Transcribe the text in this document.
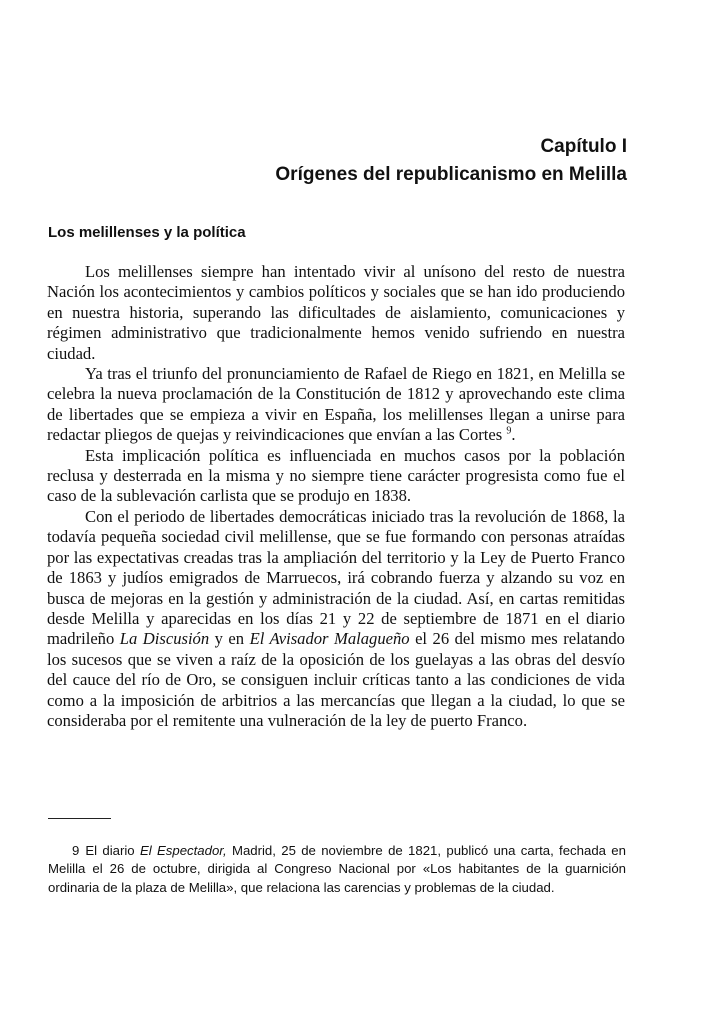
Capítulo I
Orígenes del republicanismo en Melilla
Los melillenses y la política

Los melillenses siempre han intentado vivir al unísono del resto de nuestra Nación los acontecimientos y cambios políticos y sociales que se han ido produciendo en nuestra historia, superando las dificultades de aislamiento, comunicaciones y régimen administrativo que tradicionalmente hemos venido sufriendo en nuestra ciudad.

Ya tras el triunfo del pronunciamiento de Rafael de Riego en 1821, en Melilla se celebra la nueva proclamación de la Constitución de 1812 y aprovechando este clima de libertades que se empieza a vivir en España, los melillenses llegan a unirse para redactar pliegos de quejas y reivindicaciones que envían a las Cortes $^9$.

Esta implicación política es influenciada en muchos casos por la población reclusa y desterrada en la misma y no siempre tiene carácter progresista como fue el caso de la sublevación carlista que se produjo en 1838.

Con el periodo de libertades democráticas iniciado tras la revolución de 1868, la todavía pequeña sociedad civil melillense, que se fue formando con personas atraídas por las expectativas creadas tras la ampliación del territorio y la Ley de Puerto Franco de 1863 y judíos emigrados de Marruecos, irá cobrando fuerza y alzando su voz en busca de mejoras en la gestión y administración de la ciudad. Así, en cartas remitidas desde Melilla y aparecidas en los días 21 y 22 de septiembre de 1871 en el diario madrileño La Discusión y en El Avisador Malagueño el 26 del mismo mes relatando los sucesos que se viven a raíz de la oposición de los guelayas a las obras del desvío del cauce del río de Oro, se consiguen incluir críticas tanto a las condiciones de vida como a la imposición de arbitrios a las mercancías que llegan a la ciudad, lo que se consideraba por el remitente una vulneración de la ley de puerto Franco.

9 El diario El Espectador, Madrid, 25 de noviembre de 1821, publicó una carta, fechada en Melilla el 26 de octubre, dirigida al Congreso Nacional por «Los habitantes de la guarnición ordinaria de la plaza de Melilla», que relaciona las carencias y problemas de la ciudad.
